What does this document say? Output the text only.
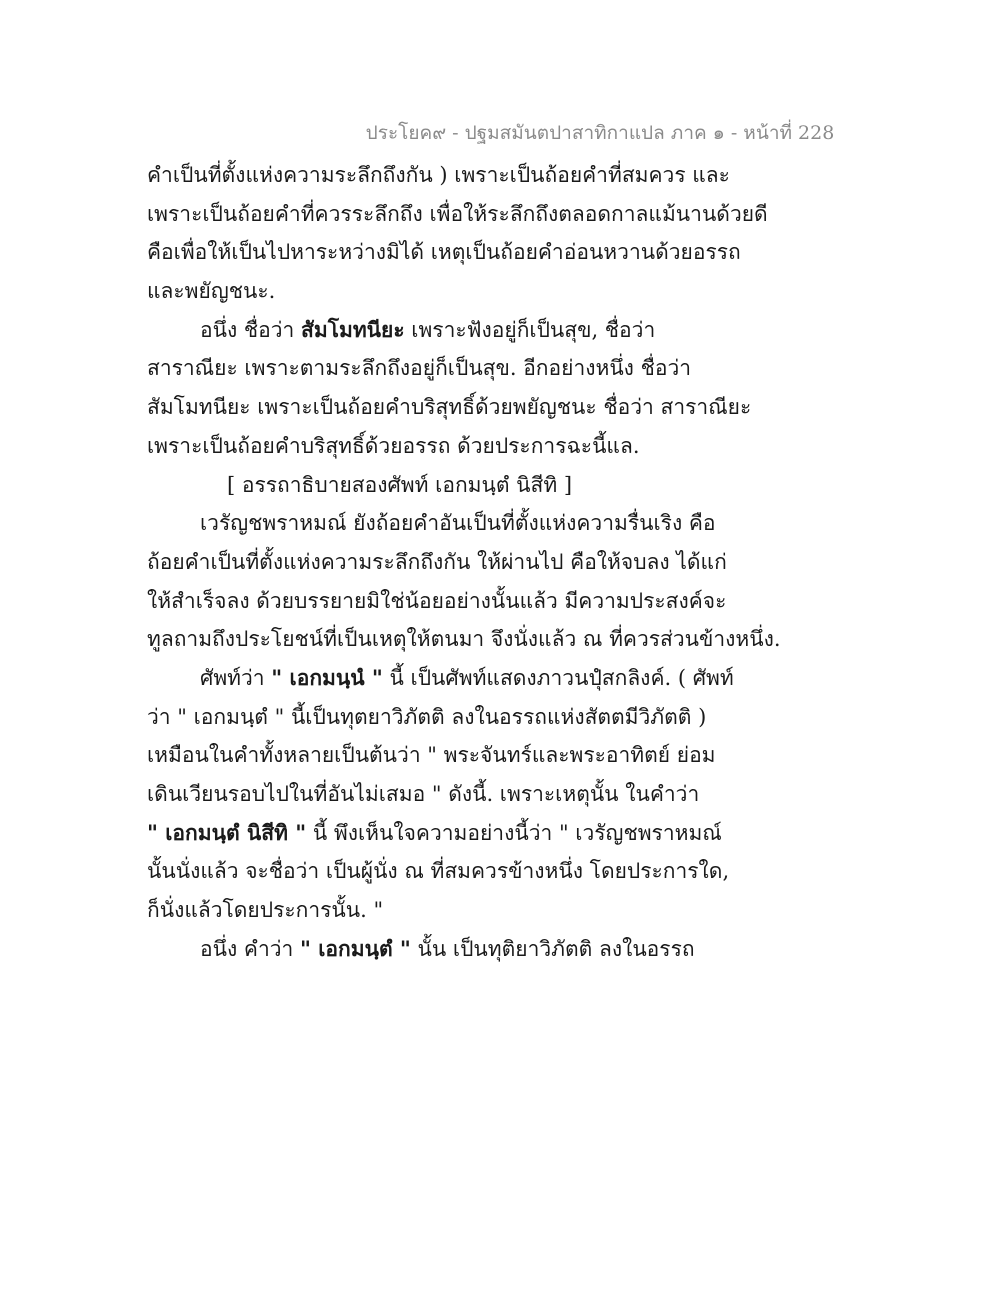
ประโยค๙ - ปฐมสมันตปาสาทิกาแปล ภาค ๑ - หน้าที่ 228
คำเป็นที่ตั้งแห่งความระลึกถึงกัน ) เพราะเป็นถ้อยคำที่สมควร และ
เพราะเป็นถ้อยคำที่ควรระลึกถึง เพื่อให้ระลึกถึงตลอดกาลแม้นานด้วยดี
คือเพื่อให้เป็นไปหาระหว่างมิได้ เหตุเป็นถ้อยคำอ่อนหวานด้วยอรรถ
และพยัญชนะ.
อนึ่ง ชื่อว่า สัมโมทนียะ เพราะฟังอยู่ก็เป็นสุข, ชื่อว่า
สาราณียะ เพราะตามระลึกถึงอยู่ก็เป็นสุข. อีกอย่างหนึ่ง ชื่อว่า
สัมโมทนียะ เพราะเป็นถ้อยคำบริสุทธิ์ด้วยพยัญชนะ ชื่อว่า สาราณียะ
เพราะเป็นถ้อยคำบริสุทธิ์ด้วยอรรถ ด้วยประการฉะนี้แล.
[ อรรถาธิบายสองศัพท์ เอกมนฺตํ นิสีทิ ]
เวรัญชพราหมณ์ ยังถ้อยคำอันเป็นที่ตั้งแห่งความรื่นเริง คือ
ถ้อยคำเป็นที่ตั้งแห่งความระลึกถึงกัน ให้ผ่านไป คือให้จบลง ได้แก่
ให้สำเร็จลง ด้วยบรรยายมิใช่น้อยอย่างนั้นแล้ว มีความประสงค์จะ
ทูลถามถึงประโยชน์ที่เป็นเหตุให้ตนมา จึงนั่งแล้ว ณ ที่ควรส่วนข้างหนึ่ง.
ศัพท์ว่า " เอกมนฺนํ " นี้ เป็นศัพท์แสดงภาวนปุํสกลิงค์. ( ศัพท์
ว่า " เอกมนฺตํ " นี้เป็นทุตยาวิภัตติ ลงในอรรถแห่งสัตตมีวิภัตติ )
เหมือนในคำทั้งหลายเป็นต้นว่า " พระจันทร์และพระอาทิตย์ ย่อม
เดินเวียนรอบไปในที่อันไม่เสมอ " ดังนี้. เพราะเหตุนั้น ในคำว่า
" เอกมนฺตํ นิสีทิ " นี้ พึงเห็นใจความอย่างนี้ว่า " เวรัญชพราหมณ์
นั้นนั่งแล้ว จะชื่อว่า เป็นผู้นั่ง ณ ที่สมควรข้างหนึ่ง โดยประการใด,
ก็นั่งแล้วโดยประการนั้น. "
อนึ่ง คำว่า " เอกมนฺตํ " นั้น เป็นทุติยาวิภัตติ ลงในอรรถ
